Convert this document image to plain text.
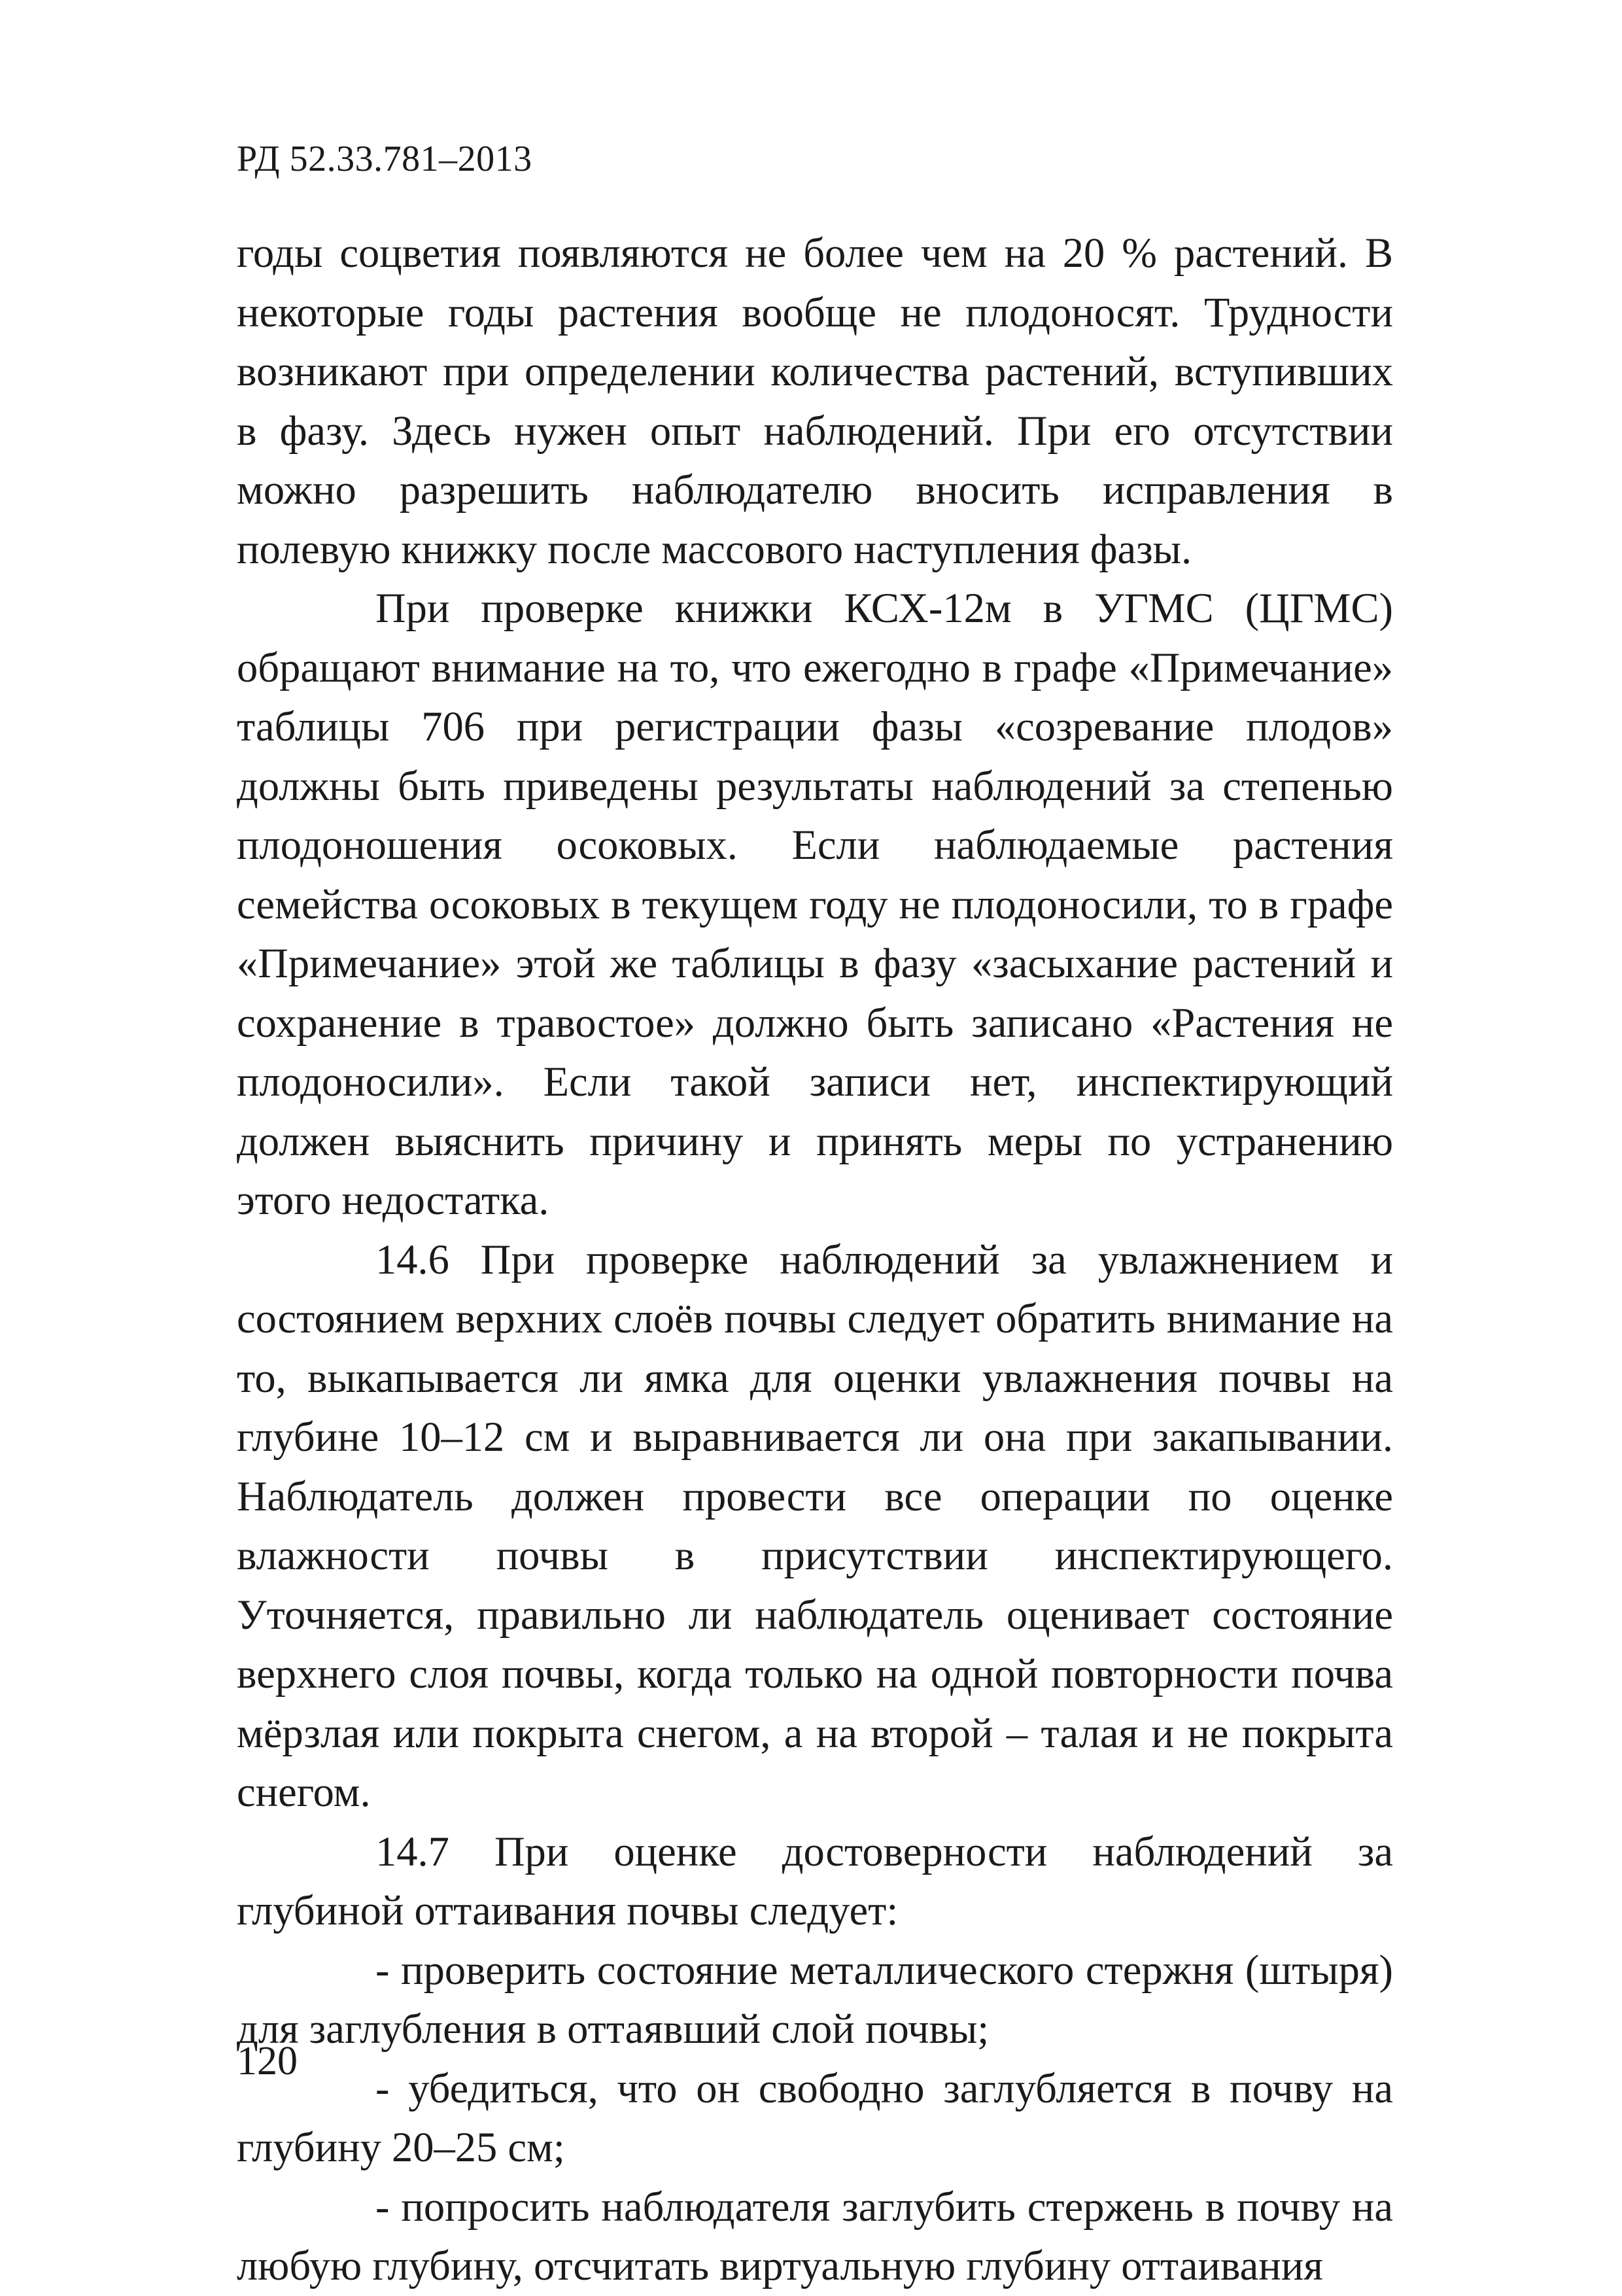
РД 52.33.781–2013

годы соцветия появляются не более чем на 20 % растений. В некоторые годы растения вообще не плодоносят. Трудности возникают при определении количества растений, вступивших в фазу. Здесь нужен опыт наблюдений. При его отсутствии можно разрешить наблюдателю вносить исправления в полевую книжку после массового наступления фазы.

При проверке книжки КСХ-12м в УГМС (ЦГМС) обращают внимание на то, что ежегодно в графе «Примечание» таблицы 706 при регистрации фазы «созревание плодов» должны быть приведены результаты наблюдений за степенью плодоношения осоковых. Если наблюдаемые растения семейства осоковых в текущем году не плодоносили, то в графе «Примечание» этой же таблицы в фазу «засыхание растений и сохранение в травостое» должно быть записано «Растения не плодоносили». Если такой записи нет, инспектирующий должен выяснить причину и принять меры по устранению этого недостатка.

14.6 При проверке наблюдений за увлажнением и состоянием верхних слоёв почвы следует обратить внимание на то, выкапывается ли ямка для оценки увлажнения почвы на глубине 10–12 см и выравнивается ли она при закапывании. Наблюдатель должен провести все операции по оценке влажности почвы в присутствии инспектирующего. Уточняется, правильно ли наблюдатель оценивает состояние верхнего слоя почвы, когда только на одной повторности почва мёрзлая или покрыта снегом, а на второй – талая и не покрыта снегом.

14.7 При оценке достоверности наблюдений за глубиной оттаивания почвы следует:

- проверить состояние металлического стержня (штыря) для заглубления в оттаявший слой почвы;

- убедиться, что он свободно заглубляется в почву на глубину 20–25 см;

- попросить наблюдателя заглубить стержень в почву на любую глубину, отсчитать виртуальную глубину оттаивания

120
